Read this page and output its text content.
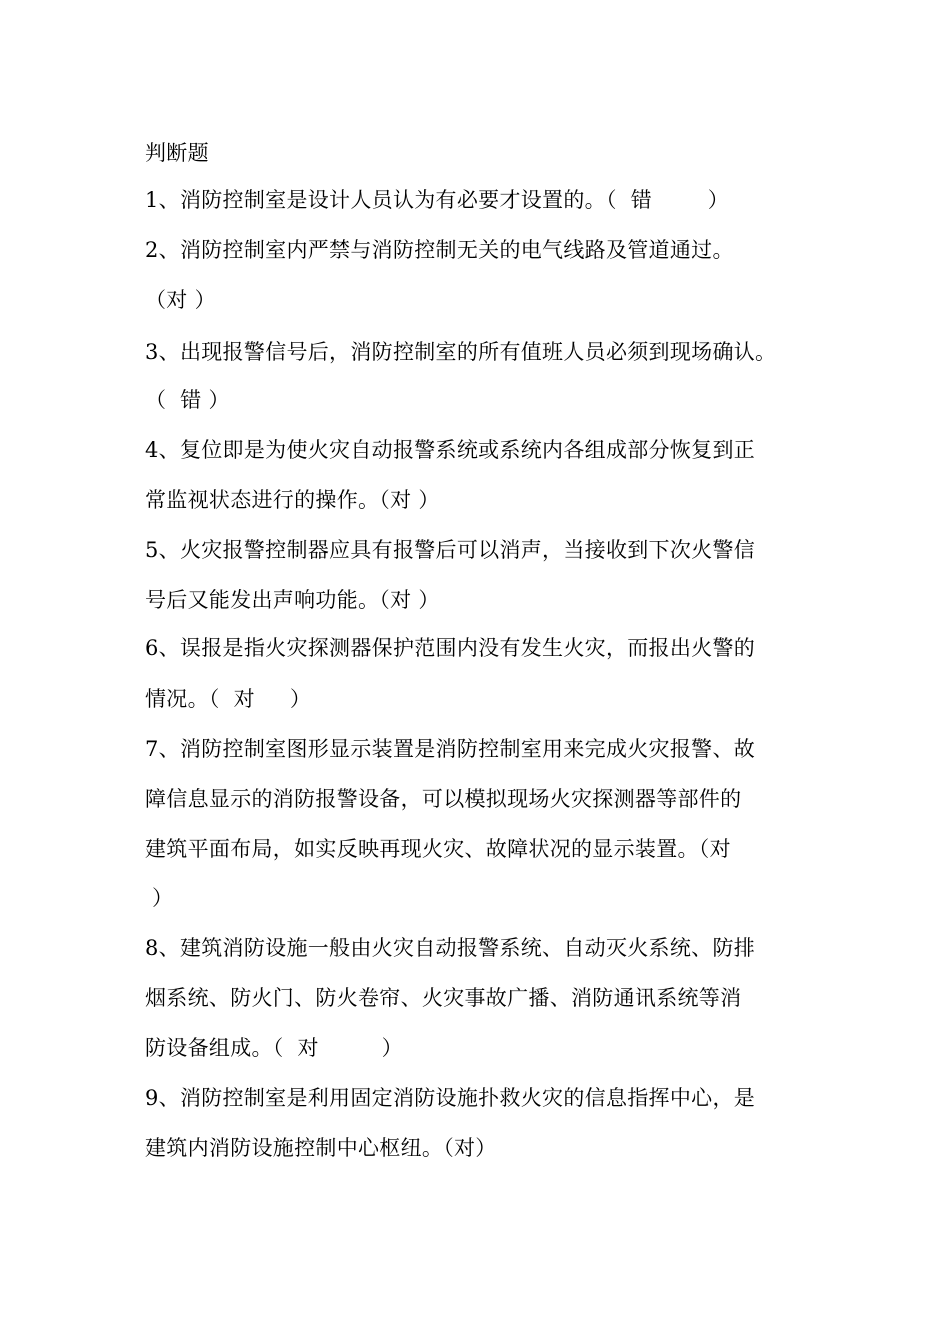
判断题
1、消防控制室是设计人员认为有必要才设置的。（  错        ）
2、消防控制室内严禁与消防控制无关的电气线路及管道通过。
（对 ）
3、出现报警信号后，消防控制室的所有值班人员必须到现场确认。
（  错 ）
4、复位即是为使火灾自动报警系统或系统内各组成部分恢复到正
常监视状态进行的操作。（对 ）
5、火灾报警控制器应具有报警后可以消声，当接收到下次火警信
号后又能发出声响功能。（对 ）
6、误报是指火灾探测器保护范围内没有发生火灾，而报出火警的
情况。（  对     ）
7、消防控制室图形显示装置是消防控制室用来完成火灾报警、故
障信息显示的消防报警设备，可以模拟现场火灾探测器等部件的
建筑平面布局，如实反映再现火灾、故障状况的显示装置。（对
）
8、建筑消防设施一般由火灾自动报警系统、自动灭火系统、防排
烟系统、防火门、防火卷帘、火灾事故广播、消防通讯系统等消
防设备组成。（  对         ）
9、消防控制室是利用固定消防设施扑救火灾的信息指挥中心，是
建筑内消防设施控制中心枢纽。（对）
